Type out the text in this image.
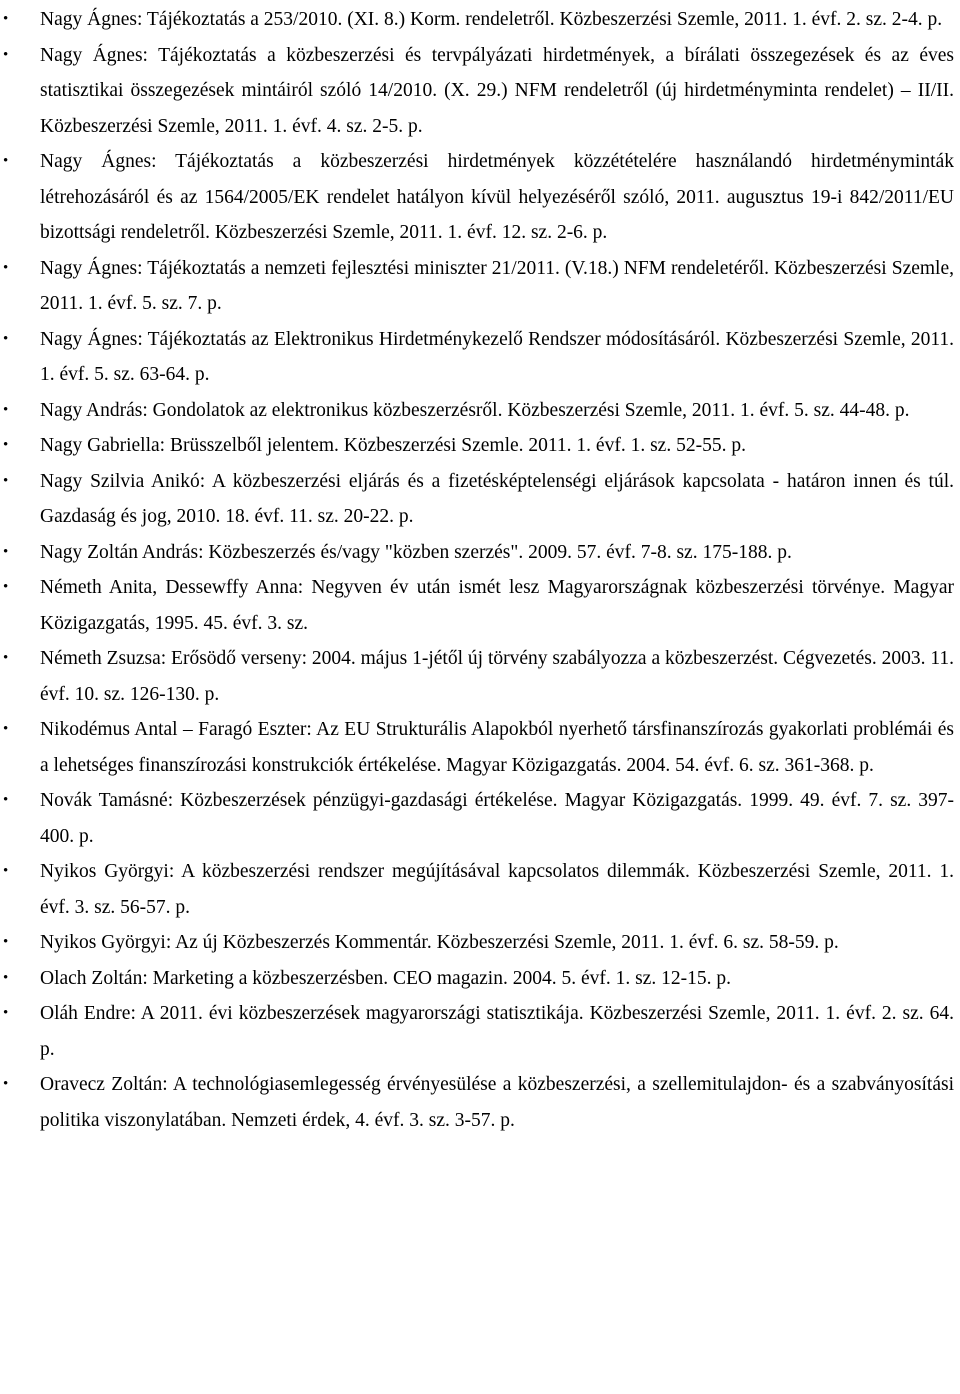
• Nagy Ágnes: Tájékoztatás a 253/2010. (XI. 8.) Korm. rendeletről. Közbeszerzési Szemle, 2011. 1. évf. 2. sz. 2-4. p.
• Nagy Ágnes: Tájékoztatás a közbeszerzési és tervpályázati hirdetmények, a bírálati összegezések és az éves statisztikai összegezések mintáiról szóló 14/2010. (X. 29.) NFM rendeletről (új hirdetményminta rendelet) – II/II. Közbeszerzési Szemle, 2011. 1. évf. 4. sz. 2-5. p.
• Nagy Ágnes: Tájékoztatás a közbeszerzési hirdetmények közzétételére használandó hirdetményminták létrehozásáról és az 1564/2005/EK rendelet hatályon kívül helyezéséről szóló, 2011. augusztus 19-i 842/2011/EU bizottsági rendeletről. Közbeszerzési Szemle, 2011. 1. évf. 12. sz. 2-6. p.
• Nagy Ágnes: Tájékoztatás a nemzeti fejlesztési miniszter 21/2011. (V.18.) NFM rendeletéről. Közbeszerzési Szemle, 2011. 1. évf. 5. sz. 7. p.
• Nagy Ágnes: Tájékoztatás az Elektronikus Hirdetménykezelő Rendszer módosításáról. Közbeszerzési Szemle, 2011. 1. évf. 5. sz. 63-64. p.
• Nagy András: Gondolatok az elektronikus közbeszerzésről. Közbeszerzési Szemle, 2011. 1. évf. 5. sz. 44-48. p.
• Nagy Gabriella: Brüsszelből jelentem. Közbeszerzési Szemle. 2011. 1. évf. 1. sz. 52-55. p.
• Nagy Szilvia Anikó: A közbeszerzési eljárás és a fizetésképtelenségi eljárások kapcsolata - határon innen és túl. Gazdaság és jog, 2010. 18. évf. 11. sz. 20-22. p.
• Nagy Zoltán András: Közbeszerzés és/vagy "közben szerzés". 2009. 57. évf. 7-8. sz. 175-188. p.
• Németh Anita, Dessewffy Anna: Negyven év után ismét lesz Magyarországnak közbeszerzési törvénye. Magyar Közigazgatás, 1995. 45. évf. 3. sz.
• Németh Zsuzsa: Erősödő verseny: 2004. május 1-jétől új törvény szabályozza a közbeszerzést. Cégvezetés. 2003. 11. évf. 10. sz. 126-130. p.
• Nikodémus Antal – Faragó Eszter: Az EU Strukturális Alapokból nyerhető társfinanszírozás gyakorlati problémái és a lehetséges finanszírozási konstrukciók értékelése. Magyar Közigazgatás. 2004. 54. évf. 6. sz. 361-368. p.
• Novák Tamásné: Közbeszerzések pénzügyi-gazdasági értékelése. Magyar Közigazgatás. 1999. 49. évf. 7. sz. 397-400. p.
• Nyikos Györgyi: A közbeszerzési rendszer megújításával kapcsolatos dilemmák. Közbeszerzési Szemle, 2011. 1. évf. 3. sz. 56-57. p.
• Nyikos Györgyi: Az új Közbeszerzés Kommentár. Közbeszerzési Szemle, 2011. 1. évf. 6. sz. 58-59. p.
• Olach Zoltán: Marketing a közbeszerzésben. CEO magazin. 2004. 5. évf. 1. sz. 12-15. p.
• Oláh Endre: A 2011. évi közbeszerzések magyarországi statisztikája. Közbeszerzési Szemle, 2011. 1. évf. 2. sz. 64. p.
• Oravecz Zoltán: A technológiasemlegesség érvényesülése a közbeszerzési, a szellemitulajdon- és a szabványosítási politika viszonylatában. Nemzeti érdek, 4. évf. 3. sz. 3-57. p.
